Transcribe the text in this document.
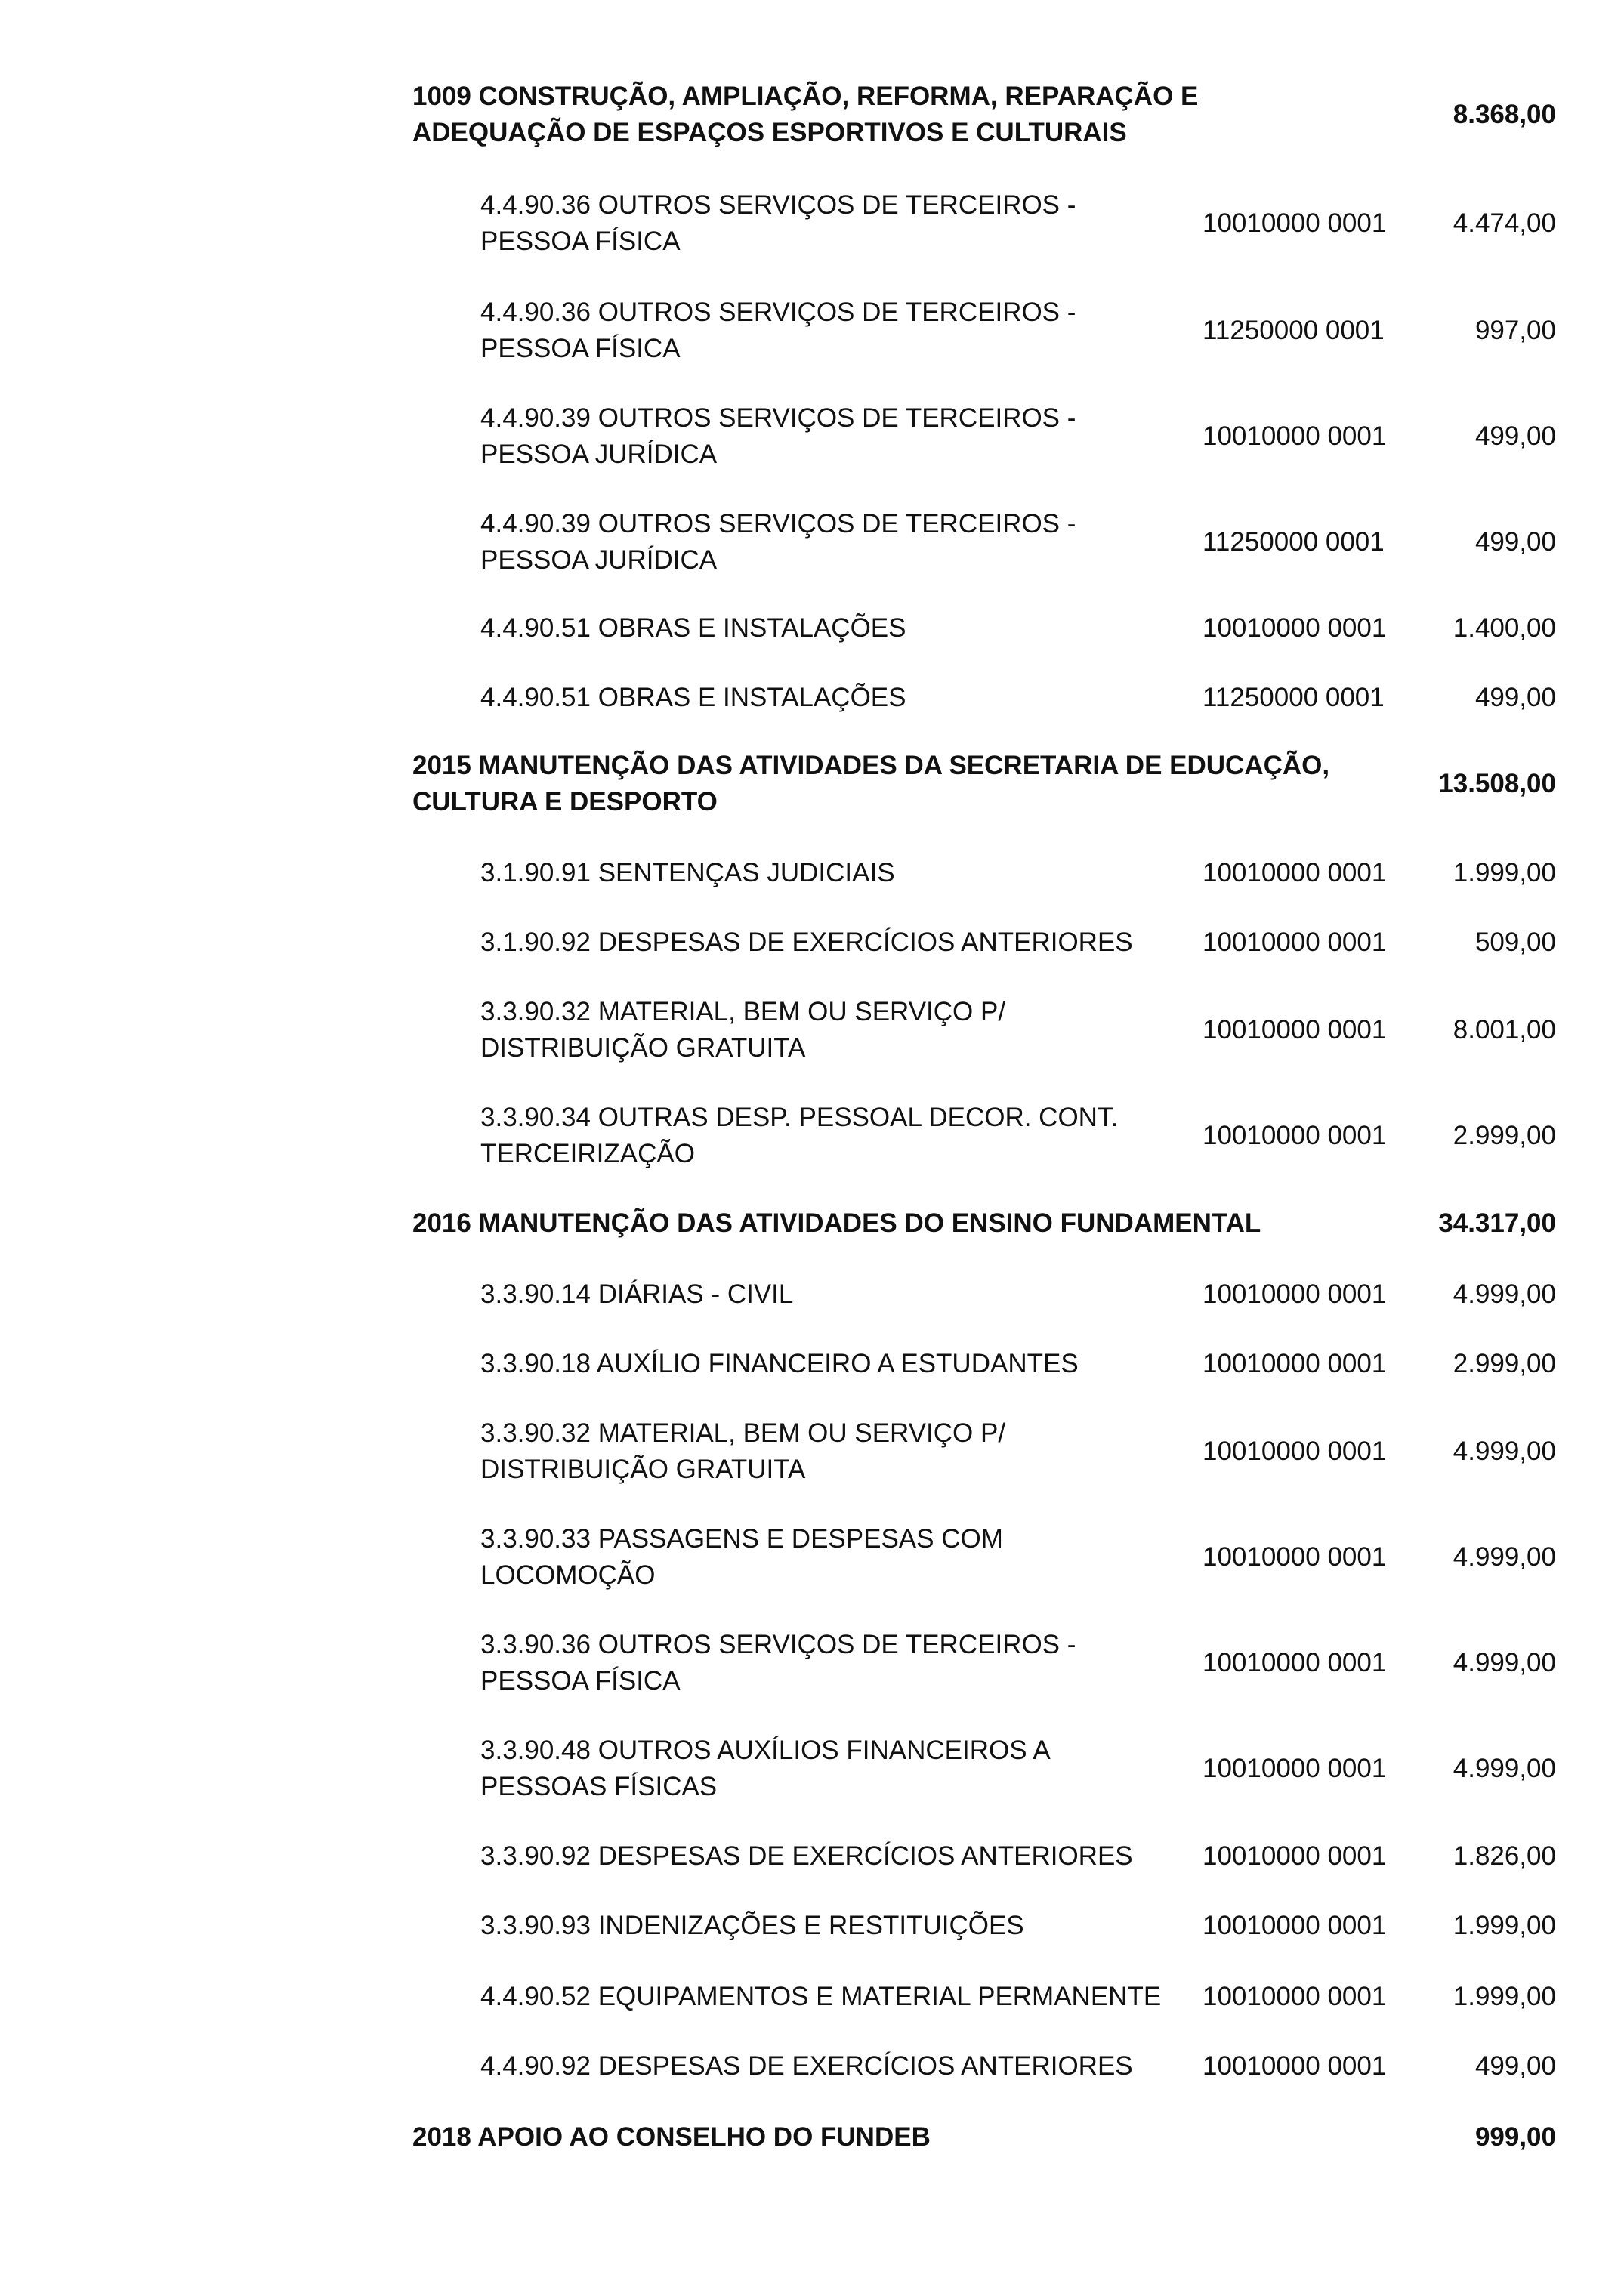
1009 CONSTRUÇÃO, AMPLIAÇÃO, REFORMA, REPARAÇÃO E
ADEQUAÇÃO DE ESPAÇOS ESPORTIVOS E CULTURAIS
8.368,00
4.4.90.36 OUTROS SERVIÇOS DE TERCEIROS -
PESSOA FÍSICA
10010000 0001	4.474,00
4.4.90.36 OUTROS SERVIÇOS DE TERCEIROS -
PESSOA FÍSICA
11250000 0001	997,00
4.4.90.39 OUTROS SERVIÇOS DE TERCEIROS -
PESSOA JURÍDICA
10010000 0001	499,00
4.4.90.39 OUTROS SERVIÇOS DE TERCEIROS -
PESSOA JURÍDICA
11250000 0001	499,00
4.4.90.51 OBRAS E INSTALAÇÕES	10010000 0001	1.400,00
4.4.90.51 OBRAS E INSTALAÇÕES	11250000 0001	499,00
2015 MANUTENÇÃO DAS ATIVIDADES DA SECRETARIA DE EDUCAÇÃO,
CULTURA E DESPORTO
13.508,00
3.1.90.91 SENTENÇAS JUDICIAIS	10010000 0001	1.999,00
3.1.90.92 DESPESAS DE EXERCÍCIOS ANTERIORES	10010000 0001	509,00
3.3.90.32 MATERIAL, BEM OU SERVIÇO P/
DISTRIBUIÇÃO GRATUITA
10010000 0001	8.001,00
3.3.90.34 OUTRAS DESP. PESSOAL DECOR. CONT.
TERCEIRIZAÇÃO
10010000 0001	2.999,00
2016 MANUTENÇÃO DAS ATIVIDADES DO ENSINO FUNDAMENTAL	34.317,00
3.3.90.14 DIÁRIAS - CIVIL	10010000 0001	4.999,00
3.3.90.18 AUXÍLIO FINANCEIRO A ESTUDANTES	10010000 0001	2.999,00
3.3.90.32 MATERIAL, BEM OU SERVIÇO P/
DISTRIBUIÇÃO GRATUITA
10010000 0001	4.999,00
3.3.90.33 PASSAGENS E DESPESAS COM
LOCOMOÇÃO
10010000 0001	4.999,00
3.3.90.36 OUTROS SERVIÇOS DE TERCEIROS -
PESSOA FÍSICA
10010000 0001	4.999,00
3.3.90.48 OUTROS AUXÍLIOS FINANCEIROS A
PESSOAS FÍSICAS
10010000 0001	4.999,00
3.3.90.92 DESPESAS DE EXERCÍCIOS ANTERIORES	10010000 0001	1.826,00
3.3.90.93 INDENIZAÇÕES E RESTITUIÇÕES	10010000 0001	1.999,00
4.4.90.52 EQUIPAMENTOS E MATERIAL PERMANENTE	10010000 0001	1.999,00
4.4.90.92 DESPESAS DE EXERCÍCIOS ANTERIORES	10010000 0001	499,00
2018 APOIO AO CONSELHO DO FUNDEB	999,00
